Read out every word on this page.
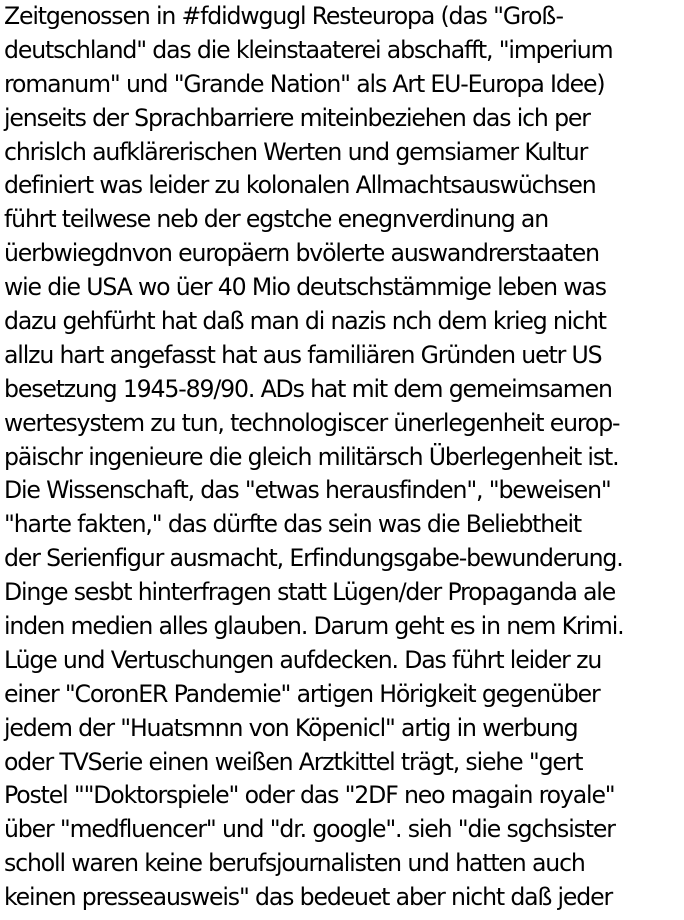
Zeitgenossen in #fdidwgugl Resteuropa (das "Groß-
deutschland" das die kleinstaaterei abschafft, "imperium
romanum" und "Grande Nation" als Art EU-Europa Idee)
jenseits der Sprachbarriere miteinbeziehen das ich per
chrislch aufklärerischen Werten und gemsiamer Kultur
definiert was leider zu kolonalen Allmachtsauswüchsen
führt teilwese neb der egstche enegnverdinung an
üerbwiegdnvon europäern bvölerte auswandrerstaaten
wie die USA wo üer 40 Mio deutschstämmige leben was
dazu gehfürht hat daß man di nazis nch dem krieg nicht
allzu hart angefasst hat aus familiären Gründen uetr US
besetzung 1945-89/90. ADs hat mit dem gemeimsamen
wertesystem zu tun, technologiscer ünerlegenheit europ-
päischr ingenieure die gleich militärsch Überlegenheit ist.
Die Wissenschaft, das "etwas herausfinden", "beweisen"
"harte fakten," das dürfte das sein was die Beliebtheit
der Serienfigur ausmacht, Erfindungsgabe-bewunderung.
Dinge sesbt hinterfragen statt Lügen/der Propaganda ale
inden medien alles glauben. Darum geht es in nem Krimi.
Lüge und Vertuschungen aufdecken. Das führt leider zu
einer "CoronER Pandemie" artigen Hörigkeit gegenüber
jedem der "Huatsmnn von Köpenicl" artig in werbung
oder TVSerie einen weißen Arztkittel trägt, siehe "gert
Postel ""Doktorspiele" oder das "2DF neo magain royale"
über "medfluencer" und "dr. google". sieh "die sgchsister
scholl waren keine berufsjournalisten und hatten auch
keinen presseausweis" das bedeuet aber nicht daß jeder
